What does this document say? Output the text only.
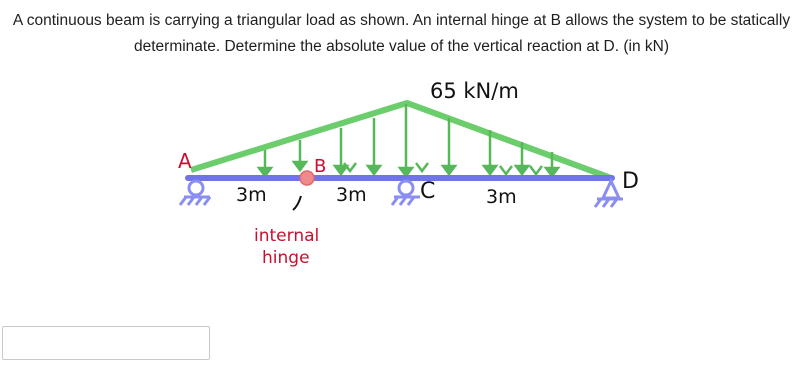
A continuous beam is carrying a triangular load as shown. An internal hinge at B allows the system to be statically
determinate. Determine the absolute value of the vertical reaction at D. (in kN)
65 kN/m
A	B
C	D
3m	3m	3m
internal
hinge
